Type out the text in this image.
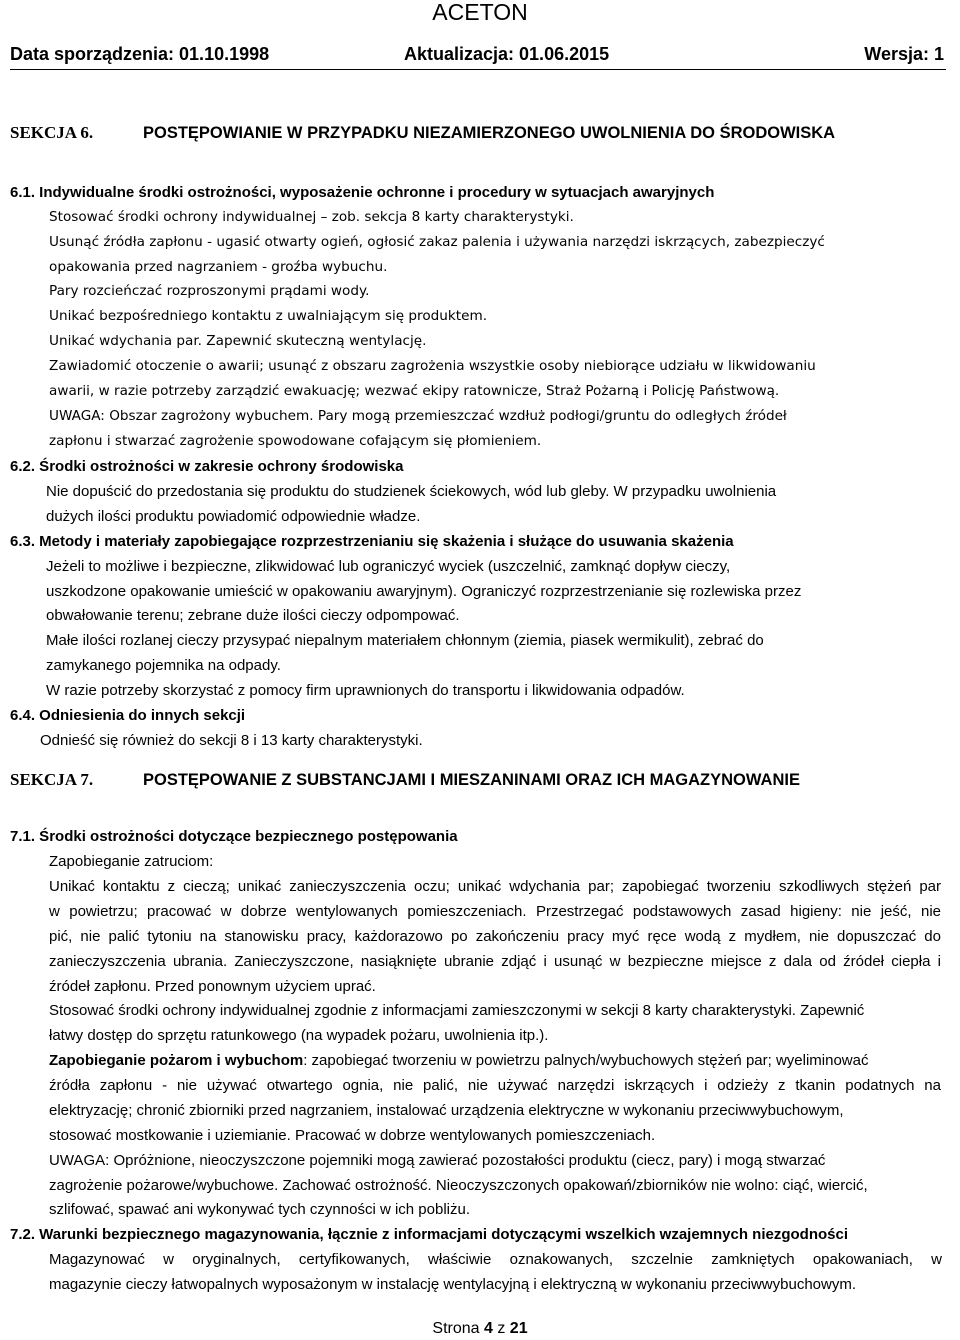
ACETON
Data sporządzenia: 01.10.1998	Aktualizacja: 01.06.2015	Wersja: 1
SEKCJA 6.	POSTĘPOWIANIE W PRZYPADKU NIEZAMIERZONEGO UWOLNIENIA DO ŚRODOWISKA
6.1. Indywidualne środki ostrożności, wyposażenie ochronne i procedury w sytuacjach awaryjnych
Stosować środki ochrony indywidualnej – zob. sekcja 8 karty charakterystyki.
Usunąć źródła zapłonu - ugasić otwarty ogień, ogłosić zakaz palenia i używania narzędzi iskrzących, zabezpieczyć
opakowania przed nagrzaniem - groźba wybuchu.
Pary rozcieńczać rozproszonymi prądami wody.
Unikać bezpośredniego kontaktu z uwalniającym się produktem.
Unikać wdychania par. Zapewnić skuteczną wentylację.
Zawiadomić otoczenie o awarii; usunąć z obszaru zagrożenia wszystkie osoby niebiorące udziału w likwidowaniu
awarii, w razie potrzeby zarządzić ewakuację; wezwać ekipy ratownicze, Straż Pożarną i Policję Państwową.
UWAGA: Obszar zagrożony wybuchem. Pary mogą przemieszczać wzdłuż podłogi/gruntu do odległych źródeł
zapłonu i stwarzać zagrożenie spowodowane cofającym się płomieniem.
6.2. Środki ostrożności w zakresie ochrony środowiska
Nie dopuścić do przedostania się produktu do studzienek ściekowych, wód lub gleby. W przypadku uwolnienia
dużych ilości produktu powiadomić odpowiednie władze.
6.3. Metody i materiały zapobiegające rozprzestrzenianiu się skażenia i służące do usuwania skażenia
Jeżeli to możliwe i bezpieczne, zlikwidować lub ograniczyć wyciek (uszczelnić, zamknąć dopływ cieczy,
uszkodzone opakowanie umieścić w opakowaniu awaryjnym). Ograniczyć rozprzestrzenianie się rozlewiska przez
obwałowanie terenu; zebrane duże ilości cieczy odpompować.
Małe ilości rozlanej cieczy przysypać niepalnym materiałem chłonnym (ziemia, piasek wermikulit), zebrać do
zamykanego pojemnika na odpady.
W razie potrzeby skorzystać z pomocy firm uprawnionych do transportu i likwidowania odpadów.
6.4. Odniesienia do innych sekcji
Odnieść się również do sekcji 8 i 13 karty charakterystyki.
SEKCJA 7.	POSTĘPOWANIE Z SUBSTANCJAMI I MIESZANINAMI ORAZ ICH MAGAZYNOWANIE
7.1. Środki ostrożności dotyczące bezpiecznego postępowania
Zapobieganie zatruciom:
Unikać kontaktu z cieczą; unikać zanieczyszczenia oczu; unikać wdychania par; zapobiegać tworzeniu szkodliwych stężeń par
w powietrzu; pracować w dobrze wentylowanych pomieszczeniach. Przestrzegać podstawowych zasad higieny: nie jeść, nie
pić, nie palić tytoniu na stanowisku pracy, każdorazowo po zakończeniu pracy myć ręce wodą z mydłem, nie dopuszczać do
zanieczyszczenia ubrania. Zanieczyszczone, nasiąknięte ubranie zdjąć i usunąć w bezpieczne miejsce z dala od źródeł ciepła i
źródeł zapłonu. Przed ponownym użyciem uprać.
Stosować środki ochrony indywidualnej zgodnie z informacjami zamieszczonymi w sekcji 8 karty charakterystyki. Zapewnić
łatwy dostęp do sprzętu ratunkowego (na wypadek pożaru, uwolnienia itp.).
Zapobieganie pożarom i wybuchom: zapobiegać tworzeniu w powietrzu palnych/wybuchowych stężeń par; wyeliminować
źródła zapłonu - nie używać otwartego ognia, nie palić, nie używać narzędzi iskrzących i odzieży z tkanin podatnych na
elektryzację; chronić zbiorniki przed nagrzaniem, instalować urządzenia elektryczne w wykonaniu przeciwwybuchowym,
stosować mostkowanie i uziemianie. Pracować w dobrze wentylowanych pomieszczeniach.
UWAGA: Opróżnione, nieoczyszczone pojemniki mogą zawierać pozostałości produktu (ciecz, pary) i mogą stwarzać
zagrożenie pożarowe/wybuchowe. Zachować ostrożność. Nieoczyszczonych opakowań/zbiorników nie wolno: ciąć, wiercić,
szlifować, spawać ani wykonywać tych czynności w ich pobliżu.
7.2. Warunki bezpiecznego magazynowania, łącznie z informacjami dotyczącymi wszelkich wzajemnych niezgodności
Magazynować w oryginalnych, certyfikowanych, właściwie oznakowanych, szczelnie zamkniętych opakowaniach, w
magazynie cieczy łatwopalnych wyposażonym w instalację wentylacyjną i elektryczną w wykonaniu przeciwwybuchowym.
Strona 4 z 21
